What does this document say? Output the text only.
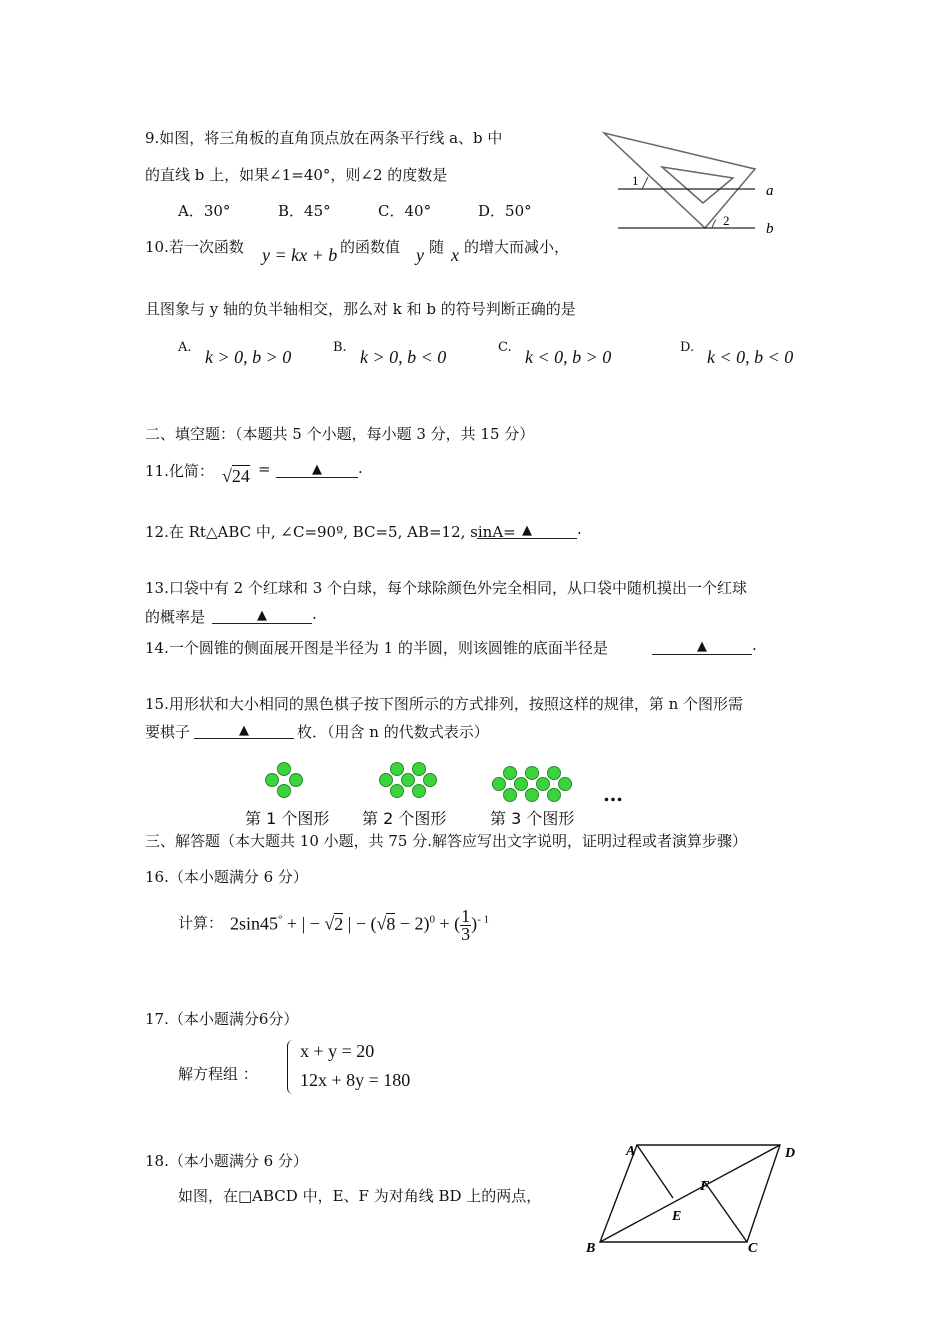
9.如图，将三角板的直角顶点放在两条平行线 a、b 中
的直线 b 上，如果∠1=40°，则∠2 的度数是
A．30°	B．45°	C．40°	D．50°
1
2
a
b
10.若一次函数 y = kx + b 的函数值 y 随 x 的增大而减小，
且图象与 y 轴的负半轴相交，那么对 k 和 b 的符号判断正确的是
A. k > 0, b > 0	B. k > 0, b < 0	C. k < 0, b > 0	D. k < 0, b < 0
二、填空题：（本题共 5 个小题，每小题 3 分，共 15 分）
11.化简： √24 =	▲ .
12.在 Rt△ABC 中, ∠C=90º, BC=5, AB=12, sinA= ▲	.
13.口袋中有 2 个红球和 3 个白球，每个球除颜色外完全相同，从口袋中随机摸出一个红球
的概率是	▲	.
14.一个圆锥的侧面展开图是半径为 1 的半圆，则该圆锥的底面半径是	▲	.
15.用形状和大小相同的黑色棋子按下图所示的方式排列，按照这样的规律，第 n 个图形需
要棋子	▲	枚．（用含 n 的代数式表示）
…
第 1 个图形 第 2 个图形	第 3 个图形
三、解答题（本大题共 10 小题，共 75 分.解答应写出文字说明，证明过程或者演算步骤）
16.（本小题满分 6 分）
计算： 2sin45° + | − √2 | − $(√8 - 2)^0$ + ( $\frac{1}{3} )^{- 1}$
17.（本小题满分6分）
解方程组 ：
x + y = 20
12x + 8y = 180
18.（本小题满分 6 分）
如图，在□ABCD 中，E、F 为对角线 BD 上的两点，
A	D
B	C
E
F
